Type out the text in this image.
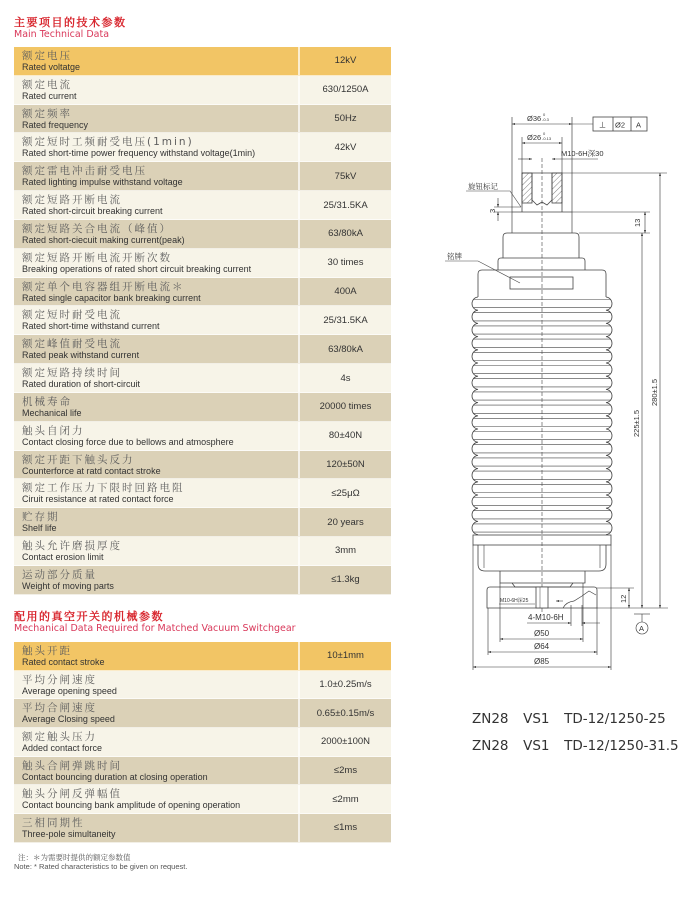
主要项目的技术参数
Main Technical Data
额定电压
Rated voltatge
12kV
额定电流
Rated current
630/1250A
额定频率
Rated frequency
50Hz
额定短时工频耐受电压(1min)
Rated short-time power frequency withstand voltage(1min)
42kV
额定雷电冲击耐受电压
Rated lighting impulse withstand voltage
75kV
额定短路开断电流
Rated short-circuit breaking current
25/31.5KA
额定短路关合电流（峰值）
Rated short-ciecuit making current(peak)
63/80kA
额定短路开断电流开断次数
Breaking operations of rated short circuit breaking current
30 times
额定单个电容器组开断电流＊
Rated single capacitor bank breaking current
400A
额定短时耐受电流
Rated short-time withstand current
25/31.5KA
额定峰值耐受电流
Rated peak withstand current
63/80kA
额定短路持续时间
Rated duration of short-circuit
4s
机械寿命
Mechanical life
20000 times
触头自闭力
Contact closing force due to bellows and atmosphere
80±40N
额定开距下触头反力
Counterforce at ratd contact stroke
120±50N
额定工作压力下限时回路电阻
Ciruit resistance at rated contact force
≤25μΩ
贮存期
Shelf life
20 years
触头允许磨损厚度
Contact erosion limit
3mm
运动部分质量
Weight of moving parts
≤1.3kg
配用的真空开关的机械参数
Mechanical Data Required for Matched Vacuum Switchgear
触头开距
Rated contact stroke
10±1mm
平均分闸速度
Average opening speed
1.0±0.25m/s
平均合闸速度
Average Closing speed
0.65±0.15m/s
额定触头压力
Added contact force
2000±100N
触头合闸弹跳时间
Contact bouncing duration at closing operation
≤2ms
触头分闸反弹幅值
Contact bouncing bank amplitude of opening operation
≤2mm
三相同期性
Three-pole simultaneity
≤1ms
注：＊为需要时提供的额定参数值
Note: * Rated characteristics to be given on request.
Ø36 0
-0.3
Ø26 0
-0.13
M10-6H深30
⊥ Ø2 A
旋钮标记
3
13
铭牌
225±1.5
280±1.5
12
M10-6H深25
4-M10-6H
Ø50
Ø64
Ø85
A
ZN28  VS1  TD-12/1250-25
ZN28  VS1  TD-12/1250-31.5
